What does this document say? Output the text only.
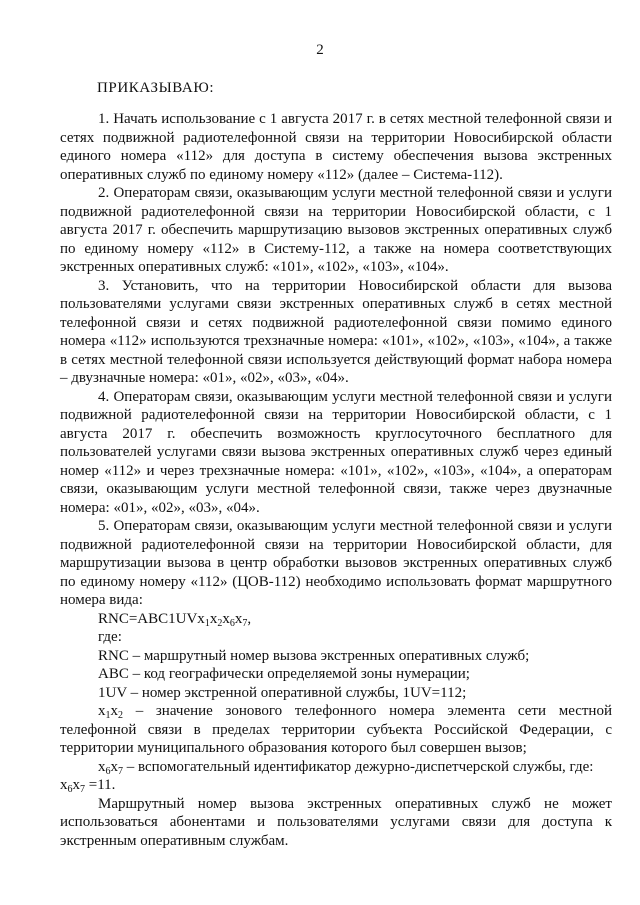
2
ПРИКАЗЫВАЮ:

1. Начать использование с 1 августа 2017 г. в сетях местной телефонной связи и сетях подвижной радиотелефонной связи на территории Новосибирской области единого номера «112» для доступа в систему обеспечения вызова экстренных оперативных служб по единому номеру «112» (далее – Система-112).

2. Операторам связи, оказывающим услуги местной телефонной связи и услуги подвижной радиотелефонной связи на территории Новосибирской области, с 1 августа 2017 г. обеспечить маршрутизацию вызовов экстренных оперативных служб по единому номеру «112» в Систему-112, а также на номера соответствующих экстренных оперативных служб: «101», «102», «103», «104».

3. Установить, что на территории Новосибирской области для вызова пользователями услугами связи экстренных оперативных служб в сетях местной телефонной связи и сетях подвижной радиотелефонной связи помимо единого номера «112» используются трехзначные номера: «101», «102», «103», «104», а также в сетях местной телефонной связи используется действующий формат набора номера – двузначные номера: «01», «02», «03», «04».

4. Операторам связи, оказывающим услуги местной телефонной связи и услуги подвижной радиотелефонной связи на территории Новосибирской области, с 1 августа 2017 г. обеспечить возможность круглосуточного бесплатного для пользователей услугами связи вызова экстренных оперативных служб через единый номер «112» и через трехзначные номера: «101», «102», «103», «104», а операторам связи, оказывающим услуги местной телефонной связи, также через двузначные номера: «01», «02», «03», «04».

5. Операторам связи, оказывающим услуги местной телефонной связи и услуги подвижной радиотелефонной связи на территории Новосибирской области, для маршрутизации вызова в центр обработки вызовов экстренных оперативных служб по единому номеру «112» (ЦОВ-112) необходимо использовать формат маршрутного номера вида:

$RNC=ABC1UVx_1x_2x_6x_7$,

где:

RNC – маршрутный номер вызова экстренных оперативных служб;

ABC – код географически определяемой зоны нумерации;

1UV – номер экстренной оперативной службы, 1UV=112;

$x_1x_2$ – значение зонового телефонного номера элемента сети местной телефонной связи в пределах территории субъекта Российской Федерации, с территории муниципального образования которого был совершен вызов;

$x_6x_7$ – вспомогательный идентификатор дежурно-диспетчерской службы, где:

$x_6x_7 =11$.

Маршрутный номер вызова экстренных оперативных служб не может использоваться абонентами и пользователями услугами связи для доступа к экстренным оперативным службам.
